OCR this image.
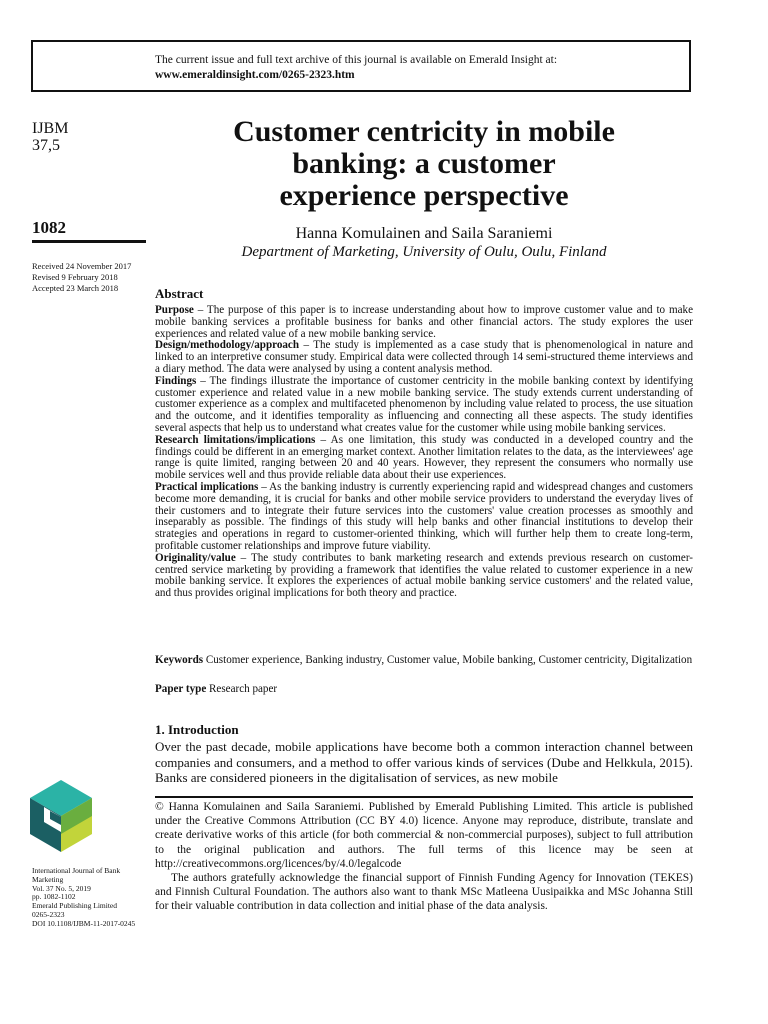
The current issue and full text archive of this journal is available on Emerald Insight at:
www.emeraldinsight.com/0265-2323.htm
IJBM
37,5
1082
Received 24 November 2017
Revised 9 February 2018
Accepted 23 March 2018
Customer centricity in mobile
banking: a customer
experience perspective
Hanna Komulainen and Saila Saraniemi
Department of Marketing, University of Oulu, Oulu, Finland
Abstract

Purpose – The purpose of this paper is to increase understanding about how to improve customer value and to make mobile banking services a profitable business for banks and other financial actors. The study explores the user experiences and related value of a new mobile banking service.

Design/methodology/approach – The study is implemented as a case study that is phenomenological in nature and linked to an interpretive consumer study. Empirical data were collected through 14 semi-structured theme interviews and a diary method. The data were analysed by using a content analysis method.

Findings – The findings illustrate the importance of customer centricity in the mobile banking context by identifying customer experience and related value in a new mobile banking service. The study extends current understanding of customer experience as a complex and multifaceted phenomenon by including value related to process, the use situation and the outcome, and it identifies temporality as influencing and connecting all these aspects. The study identifies several aspects that help us to understand what creates value for the customer while using mobile banking services.

Research limitations/implications – As one limitation, this study was conducted in a developed country and the findings could be different in an emerging market context. Another limitation relates to the data, as the interviewees' age range is quite limited, ranging between 20 and 40 years. However, they represent the consumers who normally use mobile services well and thus provide reliable data about their use experiences.

Practical implications – As the banking industry is currently experiencing rapid and widespread changes and customers become more demanding, it is crucial for banks and other mobile service providers to understand the everyday lives of their customers and to integrate their future services into the customers' value creation processes as smoothly and inseparably as possible. The findings of this study will help banks and other financial institutions to develop their strategies and operations in regard to customer-oriented thinking, which will further help them to create long-term, profitable customer relationships and improve future viability.

Originality/value – The study contributes to bank marketing research and extends previous research on customer-centred service marketing by providing a framework that identifies the value related to customer experience in a new mobile banking service. It explores the experiences of actual mobile banking service customers' and the related value, and thus provides original implications for both theory and practice.

Keywords Customer experience, Banking industry, Customer value, Mobile banking, Customer centricity, Digitalization
Paper type Research paper
1. Introduction
Over the past decade, mobile applications have become both a common interaction channel between companies and consumers, and a method to offer various kinds of services (Dube and Helkkula, 2015). Banks are considered pioneers in the digitalisation of services, as new mobile

© Hanna Komulainen and Saila Saraniemi. Published by Emerald Publishing Limited. This article is published under the Creative Commons Attribution (CC BY 4.0) licence. Anyone may reproduce, distribute, translate and create derivative works of this article (for both commercial & non-commercial purposes), subject to full attribution to the original publication and authors. The full terms of this licence may be seen at http://creativecommons.org/licences/by/4.0/legalcode

The authors gratefully acknowledge the financial support of Finnish Funding Agency for Innovation (TEKES) and Finnish Cultural Foundation. The authors also want to thank MSc Matleena Uusipaikka and MSc Johanna Still for their valuable contribution in data collection and initial phase of the data analysis.

International Journal of Bank
Marketing
Vol. 37 No. 5, 2019
pp. 1082-1102
Emerald Publishing Limited
0265-2323
DOI 10.1108/IJBM-11-2017-0245
